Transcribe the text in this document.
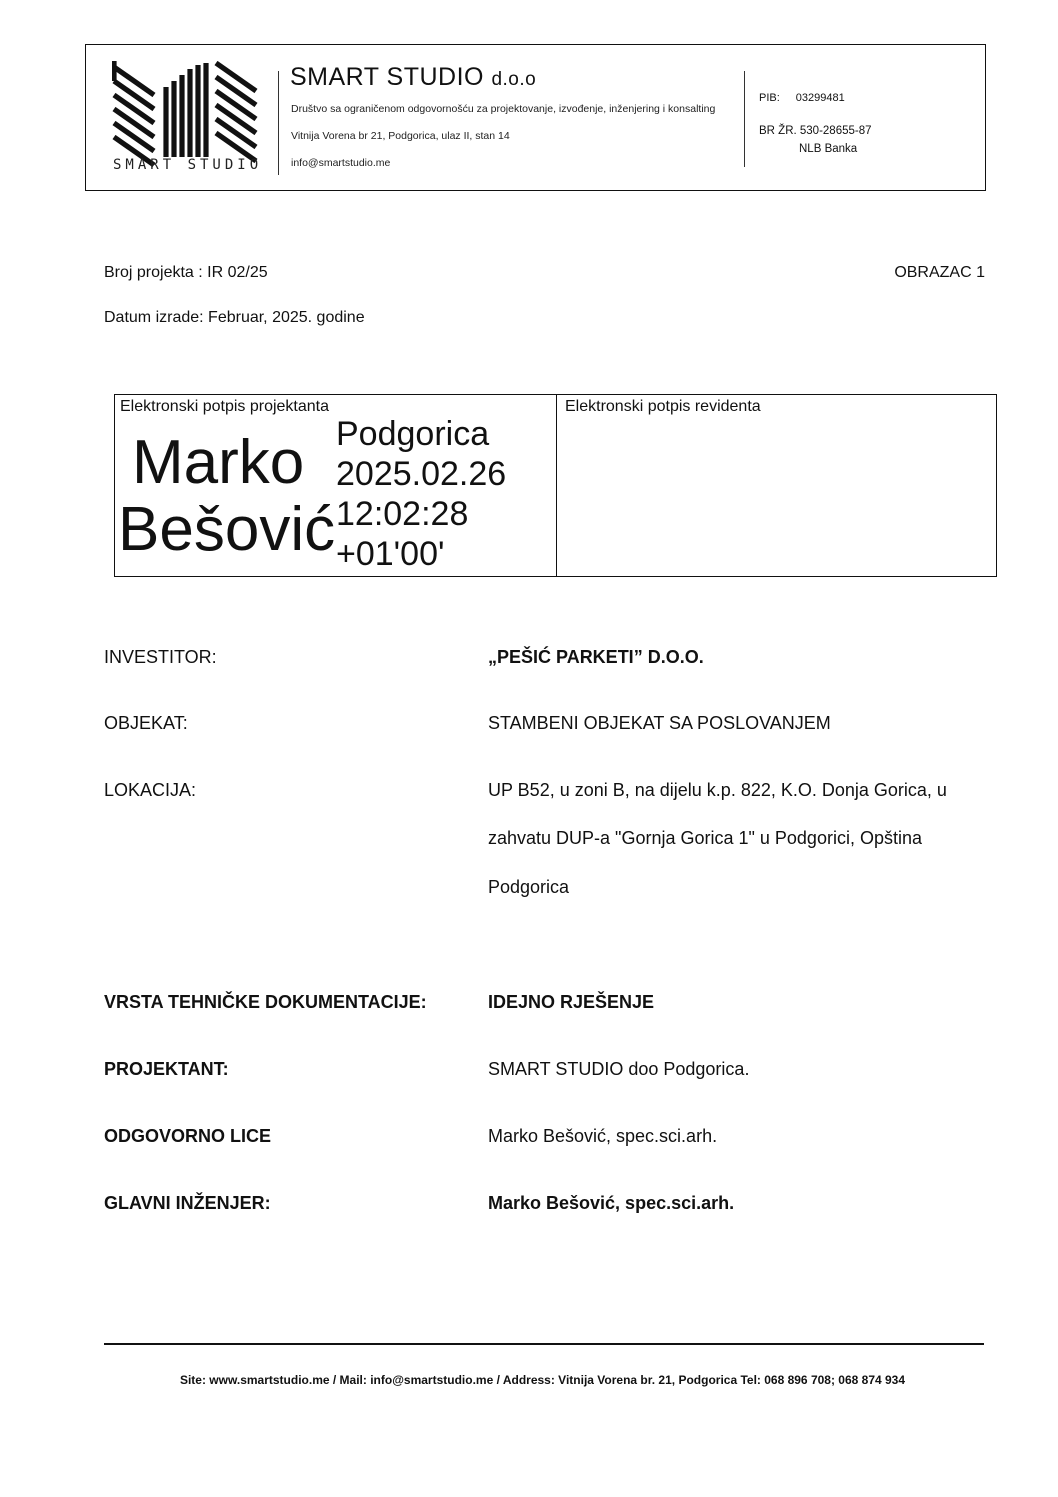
SMART STUDIO
SMART STUDIO d.o.o
Društvo sa ograničenom odgovornošću za projektovanje, izvođenje, inženjering i konsalting
Vitnija Vorena br 21, Podgorica, ulaz II, stan 14
info@smartstudio.me
PIB: 03299481
BR ŽR. 530-28655-87
NLB Banka
Broj projekta : IR 02/25	OBRAZAC 1
Datum izrade: Februar, 2025. godine
Elektronski potpis projektanta
Marko
Bešović
Podgorica
2025.02.26
12:02:28
+01'00'
Elektronski potpis revidenta
INVESTITOR:	„PEŠIĆ PARKETI” D.O.O.
OBJEKAT:	STAMBENI OBJEKAT SA POSLOVANJEM
LOKACIJA:	UP B52, u zoni B, na dijelu k.p. 822, K.O. Donja Gorica, u
zahvatu DUP-a "Gornja Gorica 1" u Podgorici, Opština
Podgorica
VRSTA TEHNIČKE DOKUMENTACIJE:	IDEJNO RJEŠENJE
PROJEKTANT:	SMART STUDIO doo Podgorica.
ODGOVORNO LICE	Marko Bešović, spec.sci.arh.
GLAVNI INŽENJER:	Marko Bešović, spec.sci.arh.
Site: www.smartstudio.me / Mail: info@smartstudio.me / Address: Vitnija Vorena br. 21, Podgorica Tel: 068 896 708; 068 874 934
